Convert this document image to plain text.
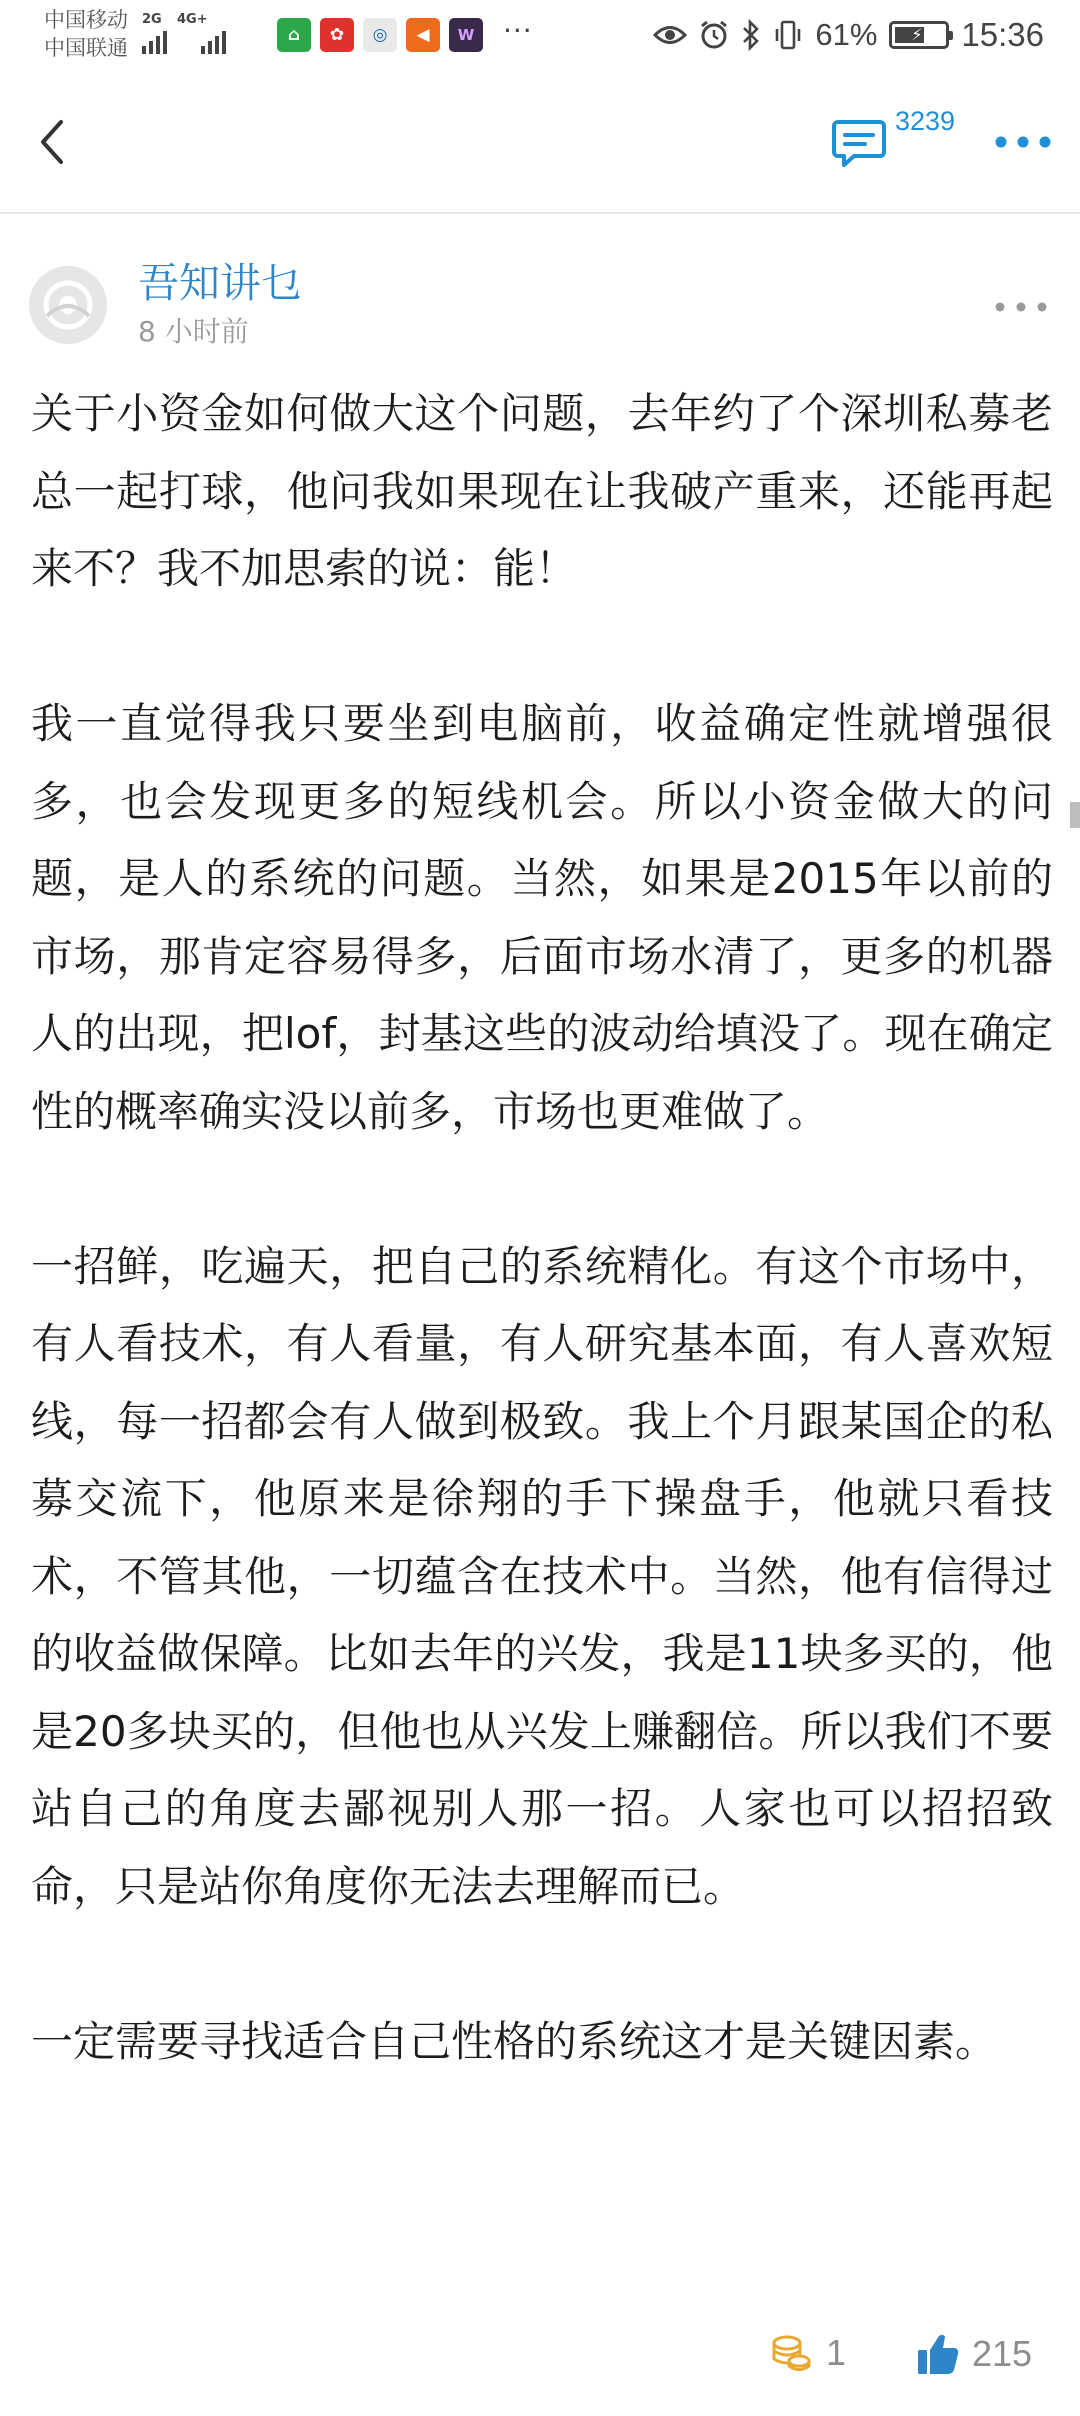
中国移动
中国联通
2G 4G+
⌂	✿	◎	◀	W	···	61% ⚡ 15:36
3239
吾知讲乜
8 小时前

关于小资金如何做大这个问题，去年约了个深圳私募老总一起打球，他问我如果现在让我破产重来，还能再起来不？我不加思索的说：能！

我一直觉得我只要坐到电脑前，收益确定性就增强很多，也会发现更多的短线机会。所以小资金做大的问题，是人的系统的问题。当然，如果是2015年以前的市场，那肯定容易得多，后面市场水清了，更多的机器人的出现，把lof，封基这些的波动给填没了。现在确定性的概率确实没以前多，市场也更难做了。

一招鲜，吃遍天，把自己的系统精化。有这个市场中，有人看技术，有人看量，有人研究基本面，有人喜欢短线，每一招都会有人做到极致。我上个月跟某国企的私募交流下，他原来是徐翔的手下操盘手，他就只看技术，不管其他，一切蕴含在技术中。当然，他有信得过的收益做保障。比如去年的兴发，我是11块多买的，他是20多块买的，但他也从兴发上赚翻倍。所以我们不要站自己的角度去鄙视别人那一招。人家也可以招招致命，只是站你角度你无法去理解而已。

一定需要寻找适合自己性格的系统这才是关键因素。

1	215
